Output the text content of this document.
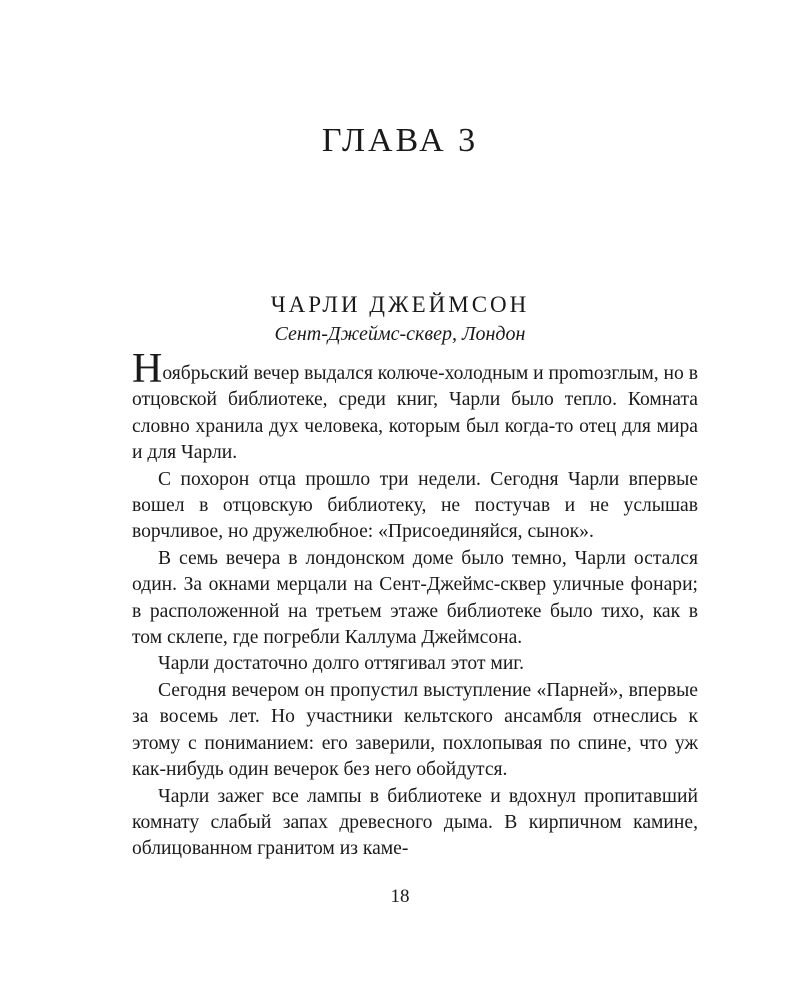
ГЛАВА 3
ЧАРЛИ ДЖЕЙМСОН
Сент-Джеймс-сквер, Лондон

Ноябрьский вечер выдался колюче-холодным и проmозглым, но в отцовской библиотеке, среди книг, Чарли было тепло. Комната словно хранила дух человека, которым был когда-то отец для мира и для Чарли.

С похорон отца прошло три недели. Сегодня Чарли впервые вошел в отцовскую библиотеку, не постучав и не услышав ворчливое, но дружелюбное: «Присоединяйся, сынок».

В семь вечера в лондонском доме было темно, Чарли остался один. За окнами мерцали на Сент-Джеймс-сквер уличные фонари; в расположенной на третьем этаже библиотеке было тихо, как в том склепе, где погребли Каллума Джеймсона.

Чарли достаточно долго оттягивал этот миг.

Сегодня вечером он пропустил выступление «Парней», впервые за восемь лет. Но участники кельтского ансамбля отнеслись к этому с пониманием: его заверили, похлопывая по спине, что уж как-нибудь один вечерок без него обойдутся.

Чарли зажег все лампы в библиотеке и вдохнул пропитавший комнату слабый запах древесного дыма. В кирпичном камине, облицованном гранитом из каме-

18
